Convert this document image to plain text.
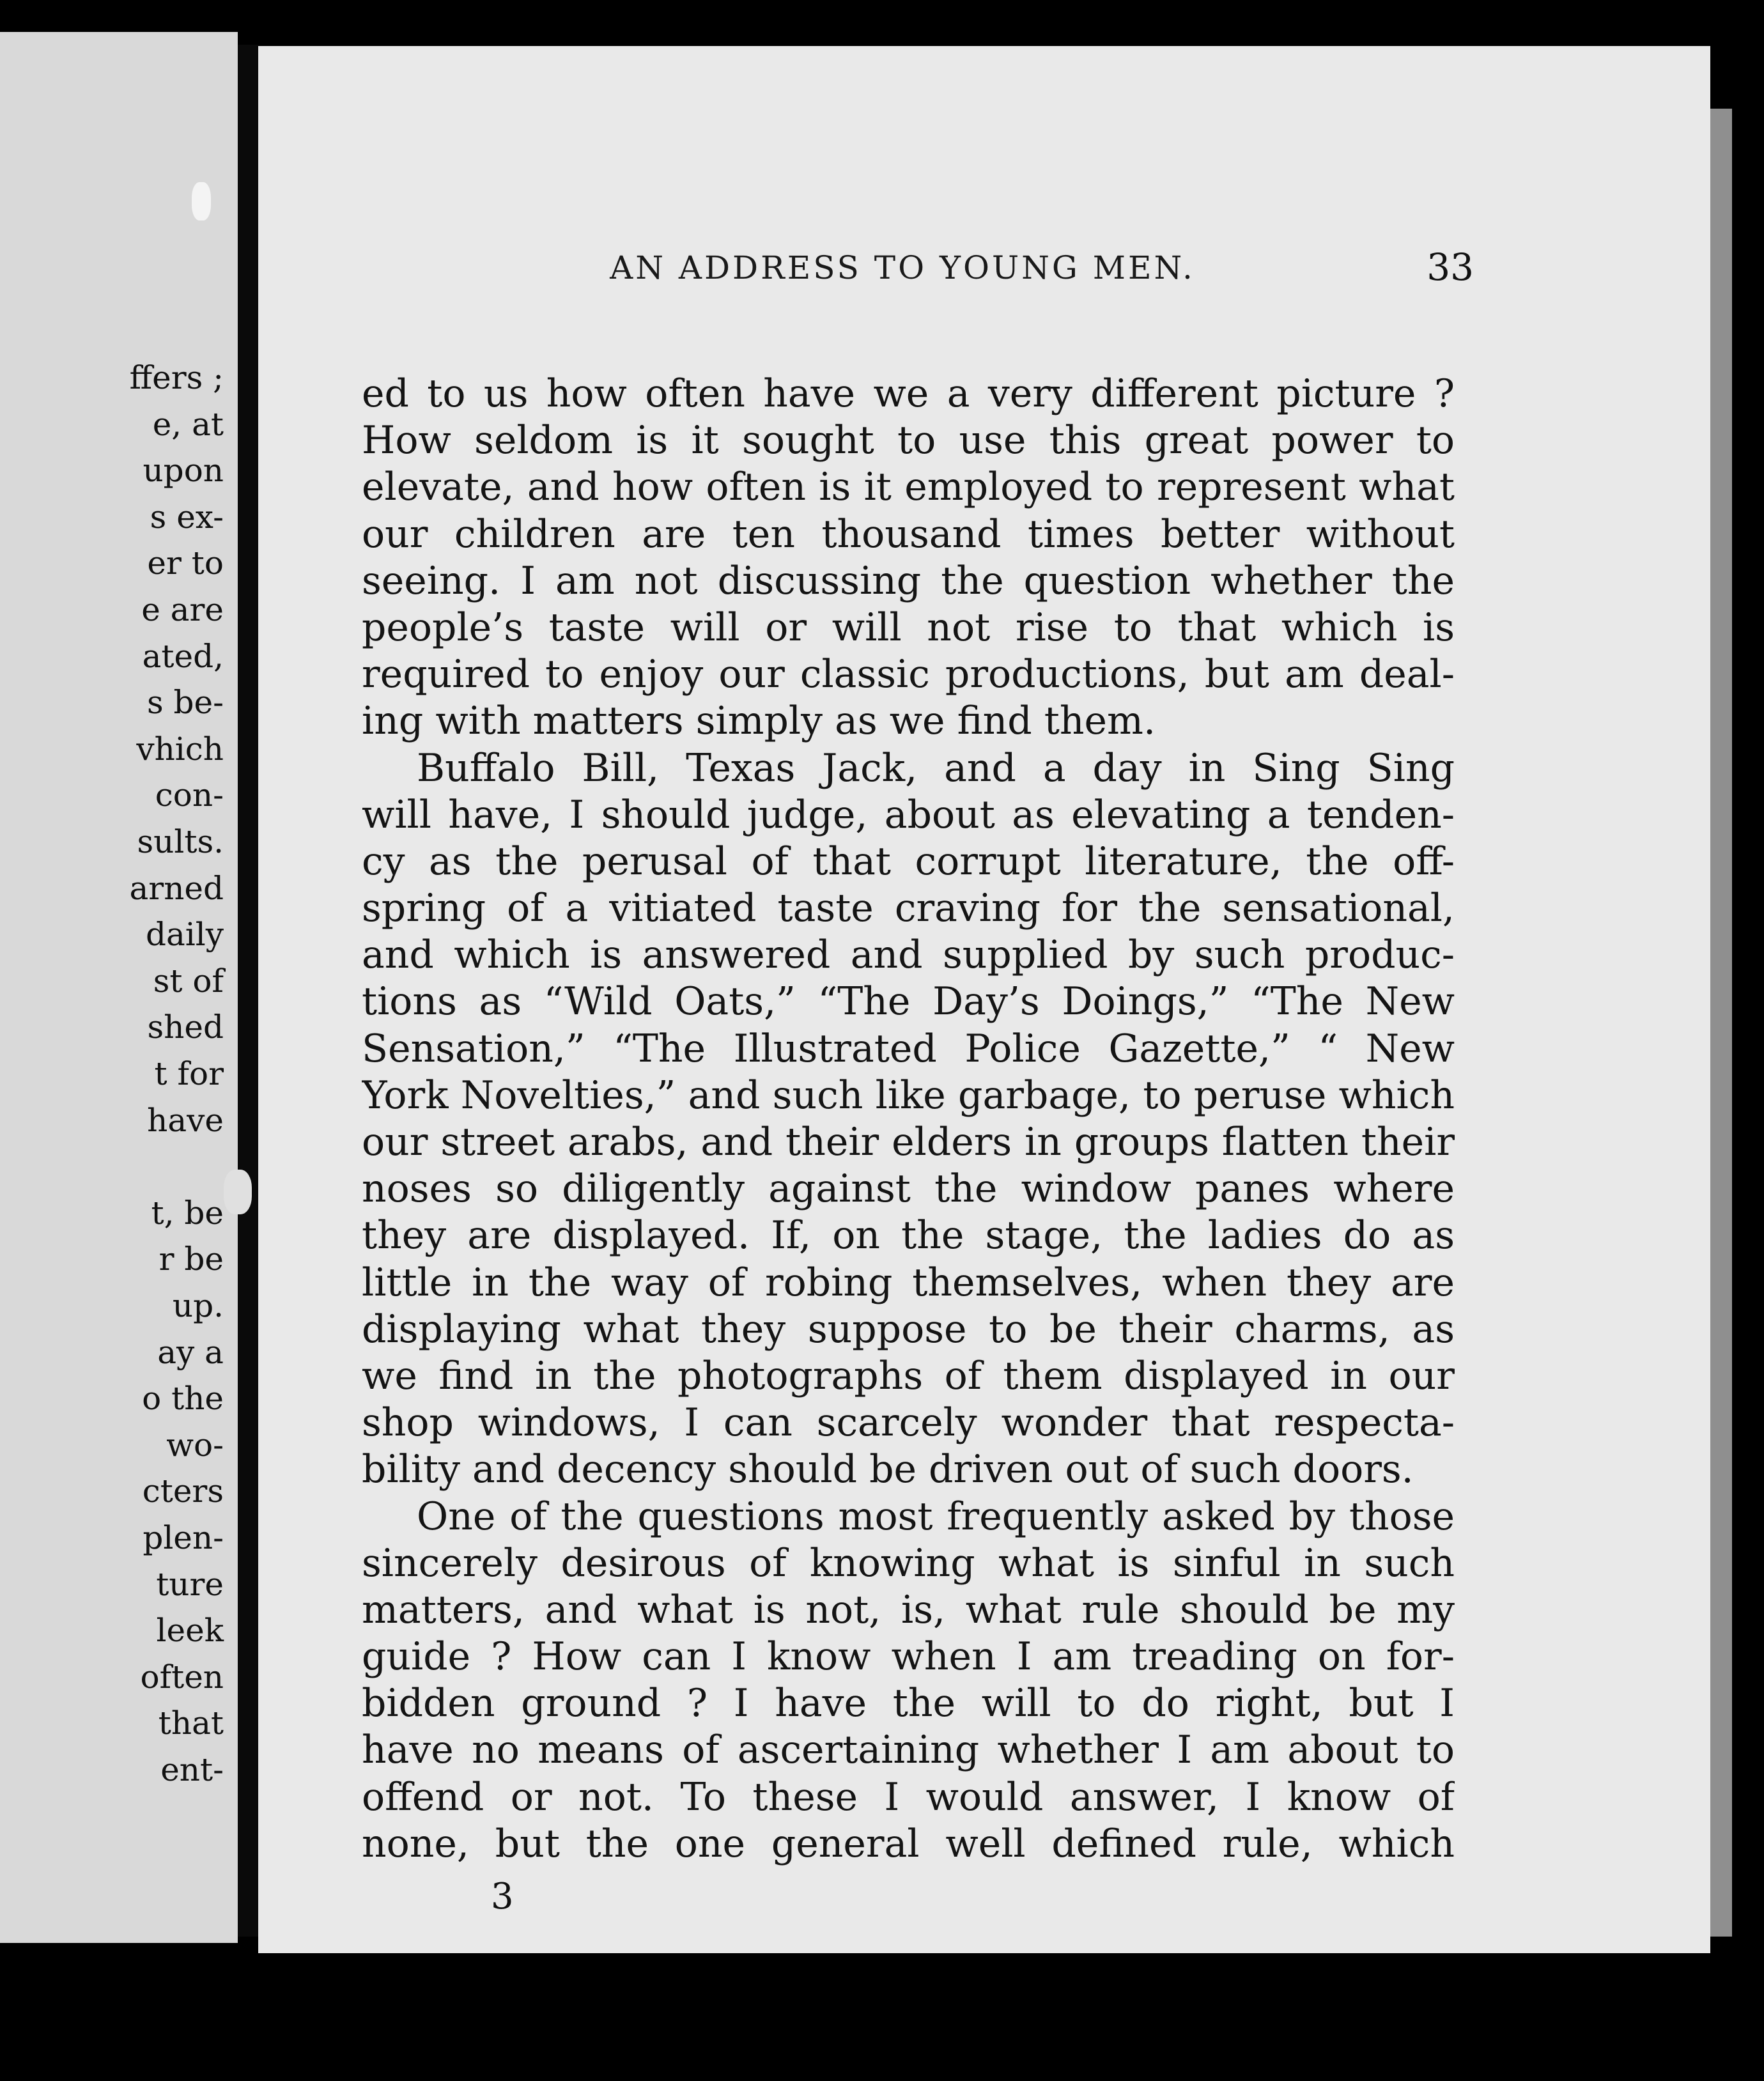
ffers ;
e, at
upon
s ex-
er to
e are
ated,
s be-
vhich
con-
sults.
arned
daily
st of
shed
t for
have
t, be
r be
up.
ay a
o the
wo-
cters
plen-
ture
leek
often
that
ent-
AN ADDRESS TO YOUNG MEN.	33
ed to us how often have we a very different picture ?
How seldom is it sought to use this great power to
elevate, and how often is it employed to represent what
our children are ten thousand times better without
seeing. I am not discussing the question whether the
people’s taste will or will not rise to that which is
required to enjoy our classic productions, but am deal-
ing with matters simply as we find them.
Buffalo Bill, Texas Jack, and a day in Sing Sing
will have, I should judge, about as elevating a tenden-
cy as the perusal of that corrupt literature, the off-
spring of a vitiated taste craving for the sensational,
and which is answered and supplied by such produc-
tions as “Wild Oats,” “The Day’s Doings,” “The New
Sensation,” “The Illustrated Police Gazette,” “ New
York Novelties,” and such like garbage, to peruse which
our street arabs, and their elders in groups flatten their
noses so diligently against the window panes where
they are displayed. If, on the stage, the ladies do as
little in the way of robing themselves, when they are
displaying what they suppose to be their charms, as
we find in the photographs of them displayed in our
shop windows, I can scarcely wonder that respecta-
bility and decency should be driven out of such doors.
One of the questions most frequently asked by those
sincerely desirous of knowing what is sinful in such
matters, and what is not, is, what rule should be my
guide ? How can I know when I am treading on for-
bidden ground ? I have the will to do right, but I
have no means of ascertaining whether I am about to
offend or not. To these I would answer, I know of
none, but the one general well defined rule, which
3
